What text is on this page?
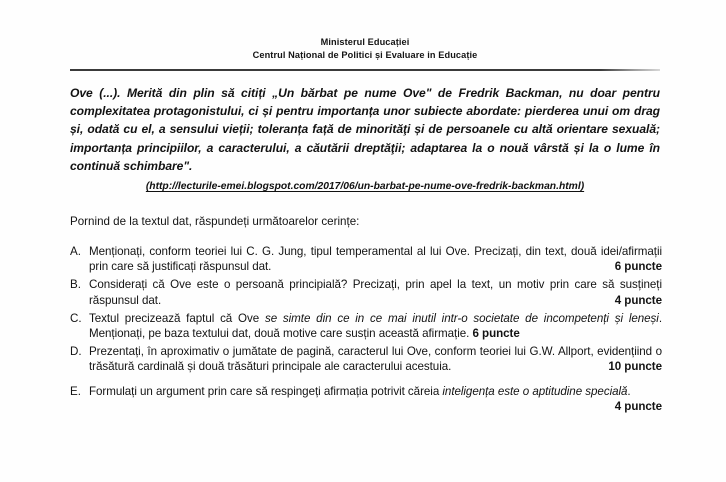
Ministerul Educației
Centrul Național de Politici și Evaluare in Educație
Ove (...). Merită din plin să citiți „Un bărbat pe nume Ove" de Fredrik Backman, nu doar pentru complexitatea protagonistului, ci și pentru importanța unor subiecte abordate: pierderea unui om drag și, odată cu el, a sensului vieții; toleranța față de minorităţi și de persoanele cu altă orientare sexuală; importanța principiilor, a caracterului, a căutării dreptăţii; adaptarea la o nouă vârstă și la o lume în continuă schimbare".
(http://lecturile-emei.blogspot.com/2017/06/un-barbat-pe-nume-ove-fredrik-backman.html)
Pornind de la textul dat, răspundeți următoarelor cerințe:
A. Menționați, conform teoriei lui C. G. Jung, tipul temperamental al lui Ove. Precizați, din text, două idei/afirmații prin care să justificați răspunsul dat.	6 puncte
B. Considerați că Ove este o persoană principială? Precizați, prin apel la text, un motiv prin care să susțineți răspunsul dat.	4 puncte
C. Textul precizează faptul că Ove se simte din ce in ce mai inutil intr-o societate de incompetenți și leneși. Menționați, pe baza textului dat, două motive care susțin această afirmație. 6 puncte
D. Prezentați, în aproximativ o jumătate de pagină, caracterul lui Ove, conform teoriei lui G.W. Allport, evidențiind o trăsătură cardinală și două trăsături principale ale caracterului acestuia.	10 puncte
E. Formulați un argument prin care să respingeți afirmația potrivit căreia inteligența este o aptitudine specială.
4 puncte
